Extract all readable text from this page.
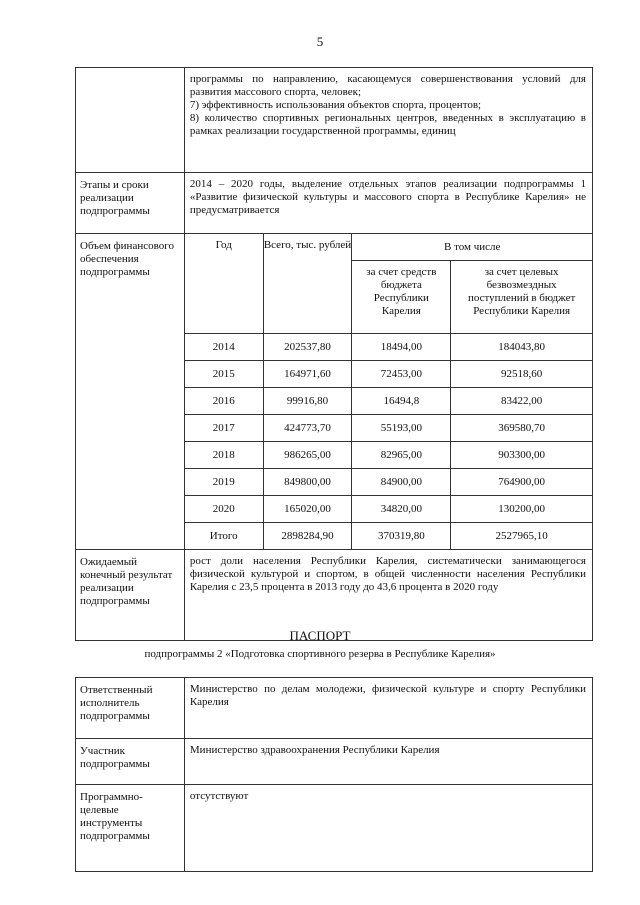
5

	программы по направлению, касающемуся совершенствования условий для развития массового спорта, человек;
7) эффективность использования объектов спорта, процентов;
8) количество спортивных региональных центров, введенных в эксплуатацию в рамках реализации государственной программы, единиц			

Этапы и сроки реализации подпрограммы	2014 – 2020 годы, выделение отдельных этапов реализации подпрограммы 1 «Развитие физической культуры и массового спорта в Республике Карелия» не предусматривается			
Объем финансового обеспечения подпрограммы	Год	Всего, тыс. рублей	В том числе	
			за счет средств бюджета Республики Карелия	за счет целевых безвозмездных поступлений в бюджет Республики Карелия
	2014	202537,80	18494,00	184043,80
	2015	164971,60	72453,00	92518,60
	2016	99916,80	16494,8	83422,00
	2017	424773,70	55193,00	369580,70
	2018	986265,00	82965,00	903300,00
	2019	849800,00	84900,00	764900,00
	2020	165020,00	34820,00	130200,00
	Итого	2898284,90	370319,80	2527965,10
Ожидаемый конечный результат реализации подпрограммы	рост доли населения Республики Карелия, систематически занимающегося физической культурой и спортом, в общей численности населения Республики Карелия с 23,5 процента в 2013 году до 43,6 процента в 2020 году			
ПАСПОРТ
подпрограммы 2 «Подготовка спортивного резерва в Республике Карелия»
Ответственный исполнитель подпрограммы	Министерство по делам молодежи, физической культуре и спорту Республики Карелия
Участник подпрограммы	Министерство здравоохранения Республики Карелия
Программно-целевые инструменты подпрограммы	отсутствуют
